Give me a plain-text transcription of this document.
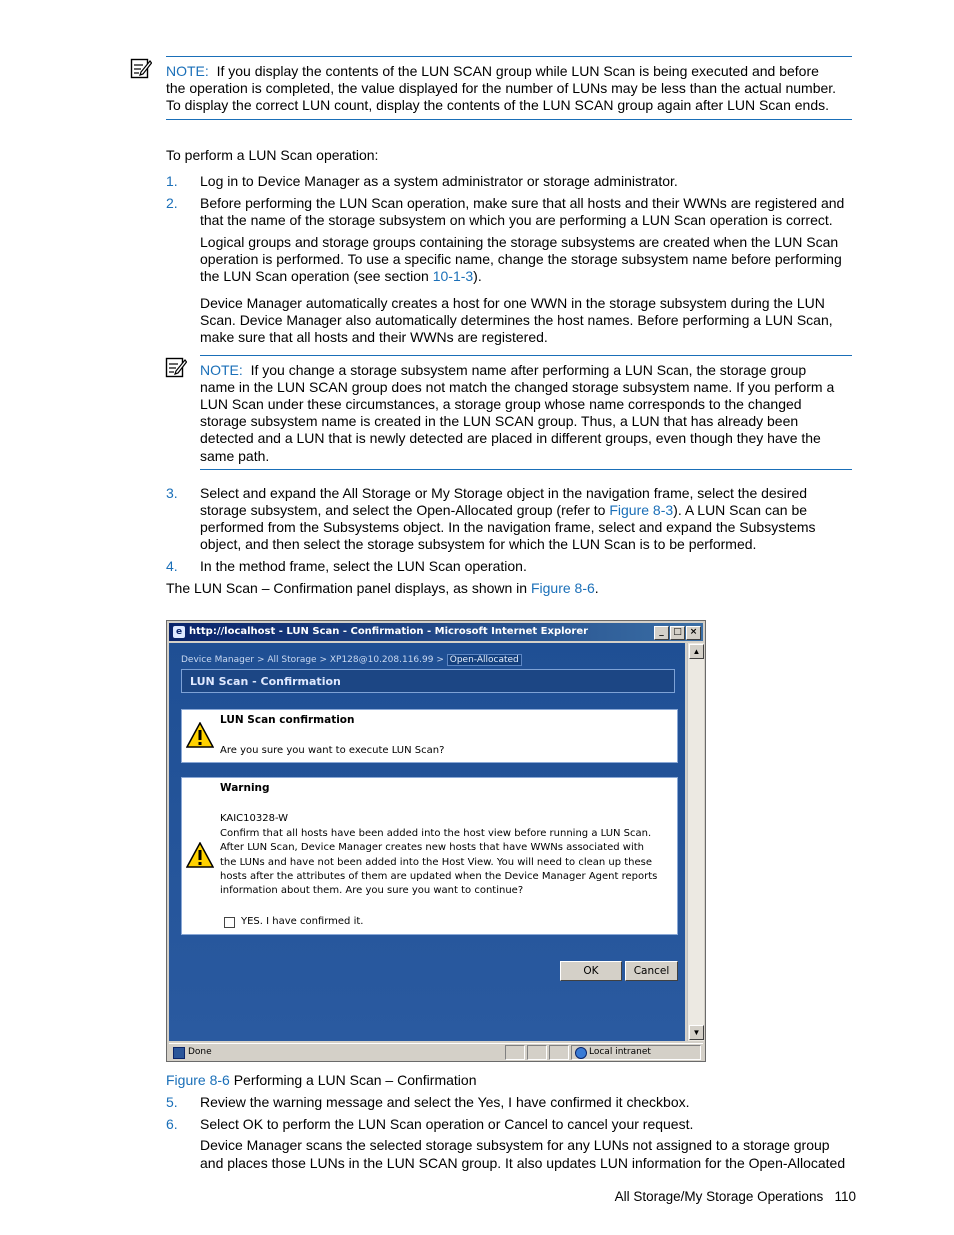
NOTE: If you display the contents of the LUN SCAN group while LUN Scan is being executed and before
the operation is completed, the value displayed for the number of LUNs may be less than the actual number.
To display the correct LUN count, display the contents of the LUN SCAN group again after LUN Scan ends.
To perform a LUN Scan operation:
1. Log in to Device Manager as a system administrator or storage administrator.
2. Before performing the LUN Scan operation, make sure that all hosts and their WWNs are registered and
that the name of the storage subsystem on which you are performing a LUN Scan operation is correct.
Logical groups and storage groups containing the storage subsystems are created when the LUN Scan
operation is performed. To use a specific name, change the storage subsystem name before performing
the LUN Scan operation (see section 10-1-3).
Device Manager automatically creates a host for one WWN in the storage subsystem during the LUN
Scan. Device Manager also automatically determines the host names. Before performing a LUN Scan,
make sure that all hosts and their WWNs are registered.
NOTE: If you change a storage subsystem name after performing a LUN Scan, the storage group
name in the LUN SCAN group does not match the changed storage subsystem name. If you perform a
LUN Scan under these circumstances, a storage group whose name corresponds to the changed
storage subsystem name is created in the LUN SCAN group. Thus, a LUN that has already been
detected and a LUN that is newly detected are placed in different groups, even though they have the
same path.
3. Select and expand the All Storage or My Storage object in the navigation frame, select the desired
storage subsystem, and select the Open-Allocated group (refer to Figure 8-3). A LUN Scan can be
performed from the Subsystems object. In the navigation frame, select and expand the Subsystems
object, and then select the storage subsystem for which the LUN Scan is to be performed.
4. In the method frame, select the LUN Scan operation.
The LUN Scan – Confirmation panel displays, as shown in Figure 8-6.
e http://localhost - LUN Scan - Confirmation - Microsoft Internet Explorer	_	□ ×
Device Manager > All Storage > XP128@10.208.116.99 > Open-Allocated
LUN Scan - Confirmation
LUN Scan confirmation
Are you sure you want to execute LUN Scan?
Warning
KAIC10328-W
Confirm that all hosts have been added into the host view before running a LUN Scan.
After LUN Scan, Device Manager creates new hosts that have WWNs associated with
the LUNs and have not been added into the Host View. You will need to clean up these
hosts after the attributes of them are updated when the Device Manager Agent reports
information about them. Are you sure you want to continue?
YES. I have confirmed it.
OK	Cancel
▲
▼
Done	Local intranet
Figure 8-6 Performing a LUN Scan – Confirmation
5. Review the warning message and select the Yes, I have confirmed it checkbox.
6. Select OK to perform the LUN Scan operation or Cancel to cancel your request.
Device Manager scans the selected storage subsystem for any LUNs not assigned to a storage group
and places those LUNs in the LUN SCAN group. It also updates LUN information for the Open-Allocated
All Storage/My Storage Operations 110
